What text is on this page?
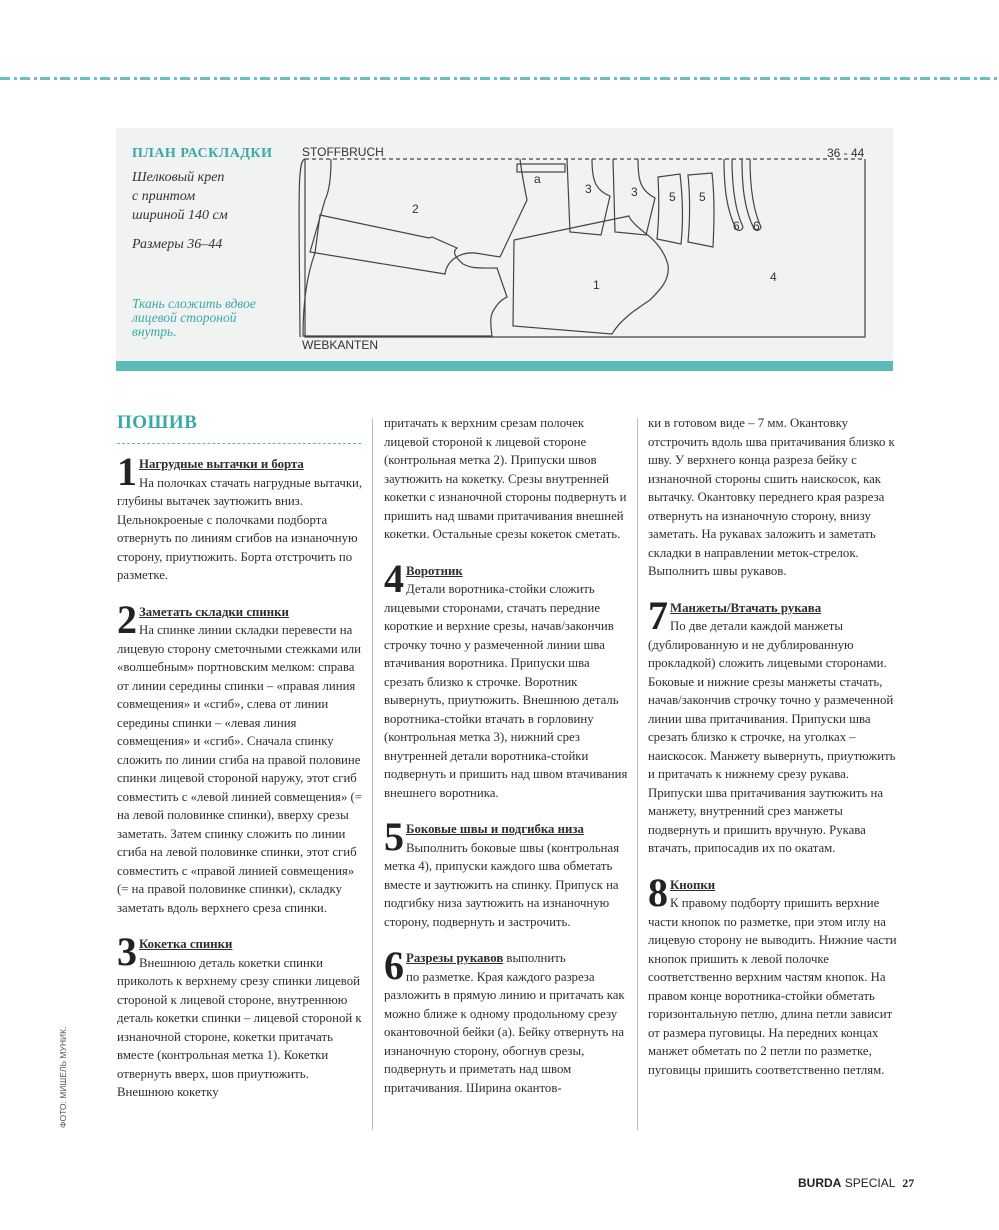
ПЛАН РАСКЛАДКИ
Шелковый креп
с принтом
шириной 140 см
Размеры 36–44
Ткань сложить вдвое
лицевой стороной
внутрь.
STOFFBRUCH
WEBKANTEN
36 - 44
2
a
3	3	5 5
6 6
1
4
ПОШИВ
1 Нагрудные вытачки и борта
На полочках стачать нагрудные вытачки, глубины вытачек заутюжить вниз. Цельнокроеные с полочками подборта отвернуть по линиям сгибов на изнаночную сторону, приутюжить. Борта отстрочить по разметке.
2 Заметать складки спинки
На спинке линии складки перевести на лицевую сторону сметочными стежками или «волшебным» портновским мелком: справа от линии середины спинки – «правая линия совмещения» и «сгиб», слева от линии середины спинки – «левая линия совмещения» и «сгиб». Сначала спинку сложить по линии сгиба на правой половине спинки лицевой стороной наружу, этот сгиб совместить с «левой линией совмещения» (= на левой половинке спинки), вверху срезы заметать. Затем спинку сложить по линии сгиба на левой половинке спинки, этот сгиб совместить с «правой линией совмещения» (= на правой половинке спинки), складку заметать вдоль верхнего среза спинки.
3 Кокетка спинки
Внешнюю деталь кокетки спинки приколоть к верхнему срезу спинки лицевой стороной к лицевой стороне, внутреннюю деталь кокетки спинки – лицевой стороной к изнаночной стороне, кокетки притачать вместе (контрольная метка 1). Кокетки отвернуть вверх, шов приутюжить. Внешнюю кокетку
притачать к верхним срезам полочек лицевой стороной к лицевой стороне (контрольная метка 2). Припуски швов заутюжить на кокетку. Срезы внутренней кокетки с изнаночной стороны подвернуть и пришить над швами притачивания внешней кокетки. Остальные срезы кокеток сметать.
4 Воротник
Детали воротника-стойки сложить лицевыми сторонами, стачать передние короткие и верхние срезы, начав/закончив строчку точно у размеченной линии шва втачивания воротника. Припуски шва срезать близко к строчке. Воротник вывернуть, приутюжить. Внешнюю деталь воротника-стойки втачать в горловину (контрольная метка 3), нижний срез внутренней детали воротника-стойки подвернуть и пришить над швом втачивания внешнего воротника.
5 Боковые швы и подгибка низа
Выполнить боковые швы (контрольная метка 4), припуски каждого шва обметать вместе и заутюжить на спинку. Припуск на подгибку низа заутюжить на изнаночную сторону, подвернуть и застрочить.
6 Разрезы рукавов выполнить
по разметке. Края каждого разреза разложить в прямую линию и притачать как можно ближе к одному продольному срезу окантовочной бейки (а). Бейку отвернуть на изнаночную сторону, обогнув срезы, подвернуть и приметать над швом притачивания. Ширина окантов-
ки в готовом виде – 7 мм. Окантовку отстрочить вдоль шва притачивания близко к шву. У верхнего конца разреза бейку с изнаночной стороны сшить наискосок, как вытачку. Окантовку переднего края разреза отвернуть на изнаночную сторону, внизу заметать. На рукавах заложить и заметать складки в направлении меток-стрелок. Выполнить швы рукавов.
7 Манжеты/Втачать рукава
По две детали каждой манжеты (дублированную и не дублированную прокладкой) сложить лицевыми сторонами. Боковые и нижние срезы манжеты стачать, начав/закончив строчку точно у размеченной линии шва притачивания. Припуски шва срезать близко к строчке, на уголках – наискосок. Манжету вывернуть, приутюжить и притачать к нижнему срезу рукава. Припуски шва притачивания заутюжить на манжету, внутренний срез манжеты подвернуть и пришить вручную. Рукава втачать, припосадив их по окатам.
8 Кнопки
К правому подборту пришить верхние части кнопок по разметке, при этом иглу на лицевую сторону не выводить. Нижние части кнопок пришить к левой полочке соответственно верхним частям кнопок. На правом конце воротника-стойки обметать горизонтальную петлю, длина петли зависит от размера пуговицы. На передних концах манжет обметать по 2 петли по разметке, пуговицы пришить соответственно петлям.
ФОТО: МИШЕЛЬ МУНИК.
BURDA SPECIAL 27
